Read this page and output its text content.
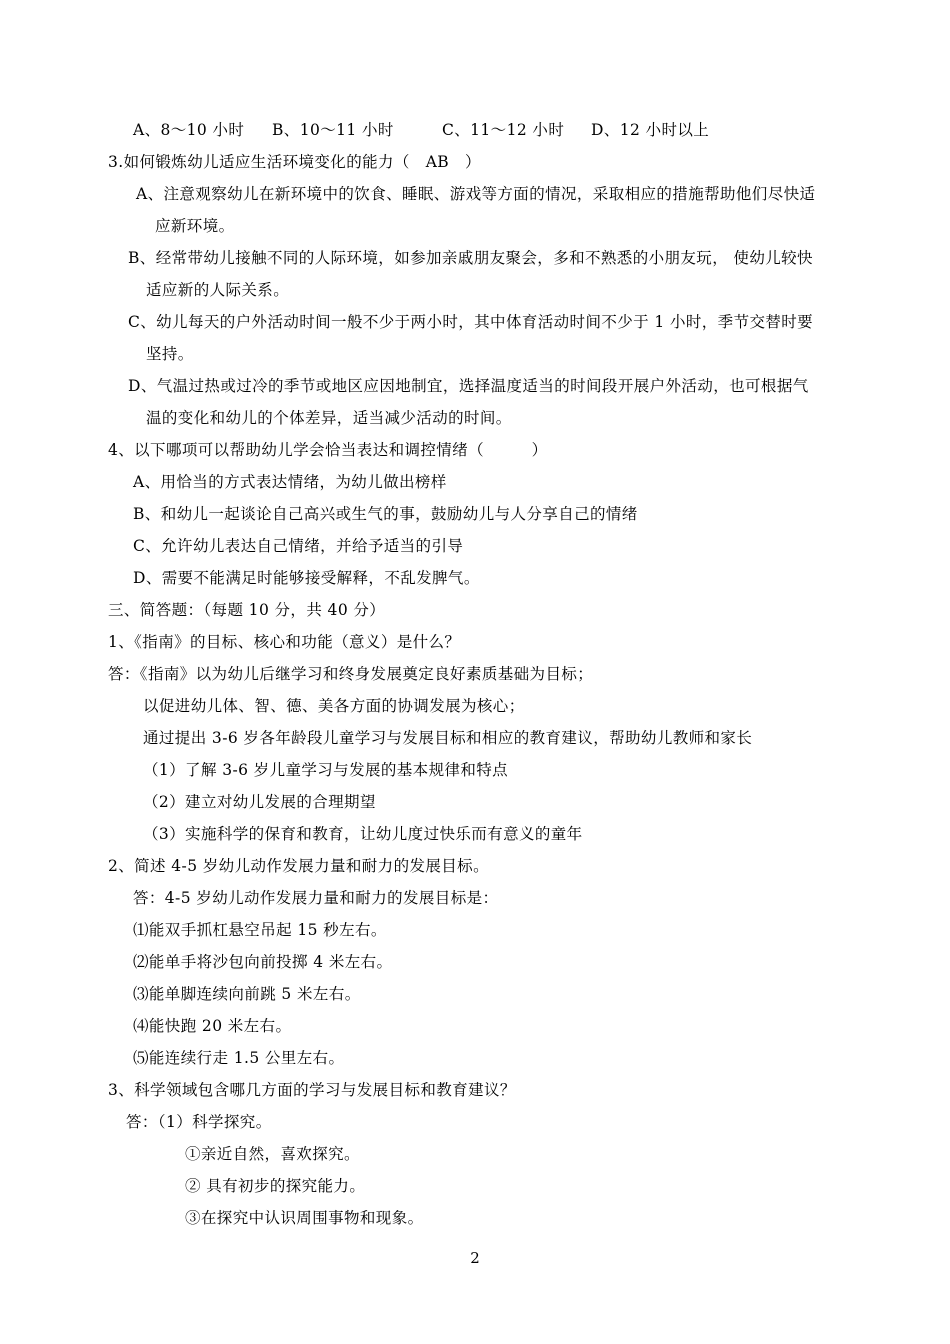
A、8～10 小时 B、10～11 小时	C、11～12 小时 D、12 小时以上
3.如何锻炼幼儿适应生活环境变化的能力（　AB　）
A、注意观察幼儿在新环境中的饮食、睡眠、游戏等方面的情况，采取相应的措施帮助他们尽快适
应新环境。
B、经常带幼儿接触不同的人际环境，如参加亲戚朋友聚会，多和不熟悉的小朋友玩， 使幼儿较快
适应新的人际关系。
C、幼儿每天的户外活动时间一般不少于两小时，其中体育活动时间不少于 1 小时，季节交替时要
坚持。
D、气温过热或过冷的季节或地区应因地制宜，选择温度适当的时间段开展户外活动，也可根据气
温的变化和幼儿的个体差异，适当减少活动的时间。
4、以下哪项可以帮助幼儿学会恰当表达和调控情绪（　　　）
A、用恰当的方式表达情绪，为幼儿做出榜样
B、和幼儿一起谈论自己高兴或生气的事，鼓励幼儿与人分享自己的情绪
C、允许幼儿表达自己情绪，并给予适当的引导
D、需要不能满足时能够接受解释，不乱发脾气。
三、简答题：（每题 10 分，共 40 分）
1、《指南》的目标、核心和功能（意义）是什么？
答：《指南》以为幼儿后继学习和终身发展奠定良好素质基础为目标；
以促进幼儿体、智、德、美各方面的协调发展为核心；
通过提出 3-6 岁各年龄段儿童学习与发展目标和相应的教育建议，帮助幼儿教师和家长
（1）了解 3-6 岁儿童学习与发展的基本规律和特点
（2）建立对幼儿发展的合理期望
（3）实施科学的保育和教育，让幼儿度过快乐而有意义的童年
2、简述 4-5 岁幼儿动作发展力量和耐力的发展目标。
答：4-5 岁幼儿动作发展力量和耐力的发展目标是：
⑴能双手抓杠悬空吊起 15 秒左右。
⑵能单手将沙包向前投掷 4 米左右。
⑶能单脚连续向前跳 5 米左右。
⑷能快跑 20 米左右。
⑸能连续行走 1.5 公里左右。
3、科学领域包含哪几方面的学习与发展目标和教育建议？
答：（1）科学探究。
①亲近自然，喜欢探究。
② 具有初步的探究能力。
③在探究中认识周围事物和现象。
2
